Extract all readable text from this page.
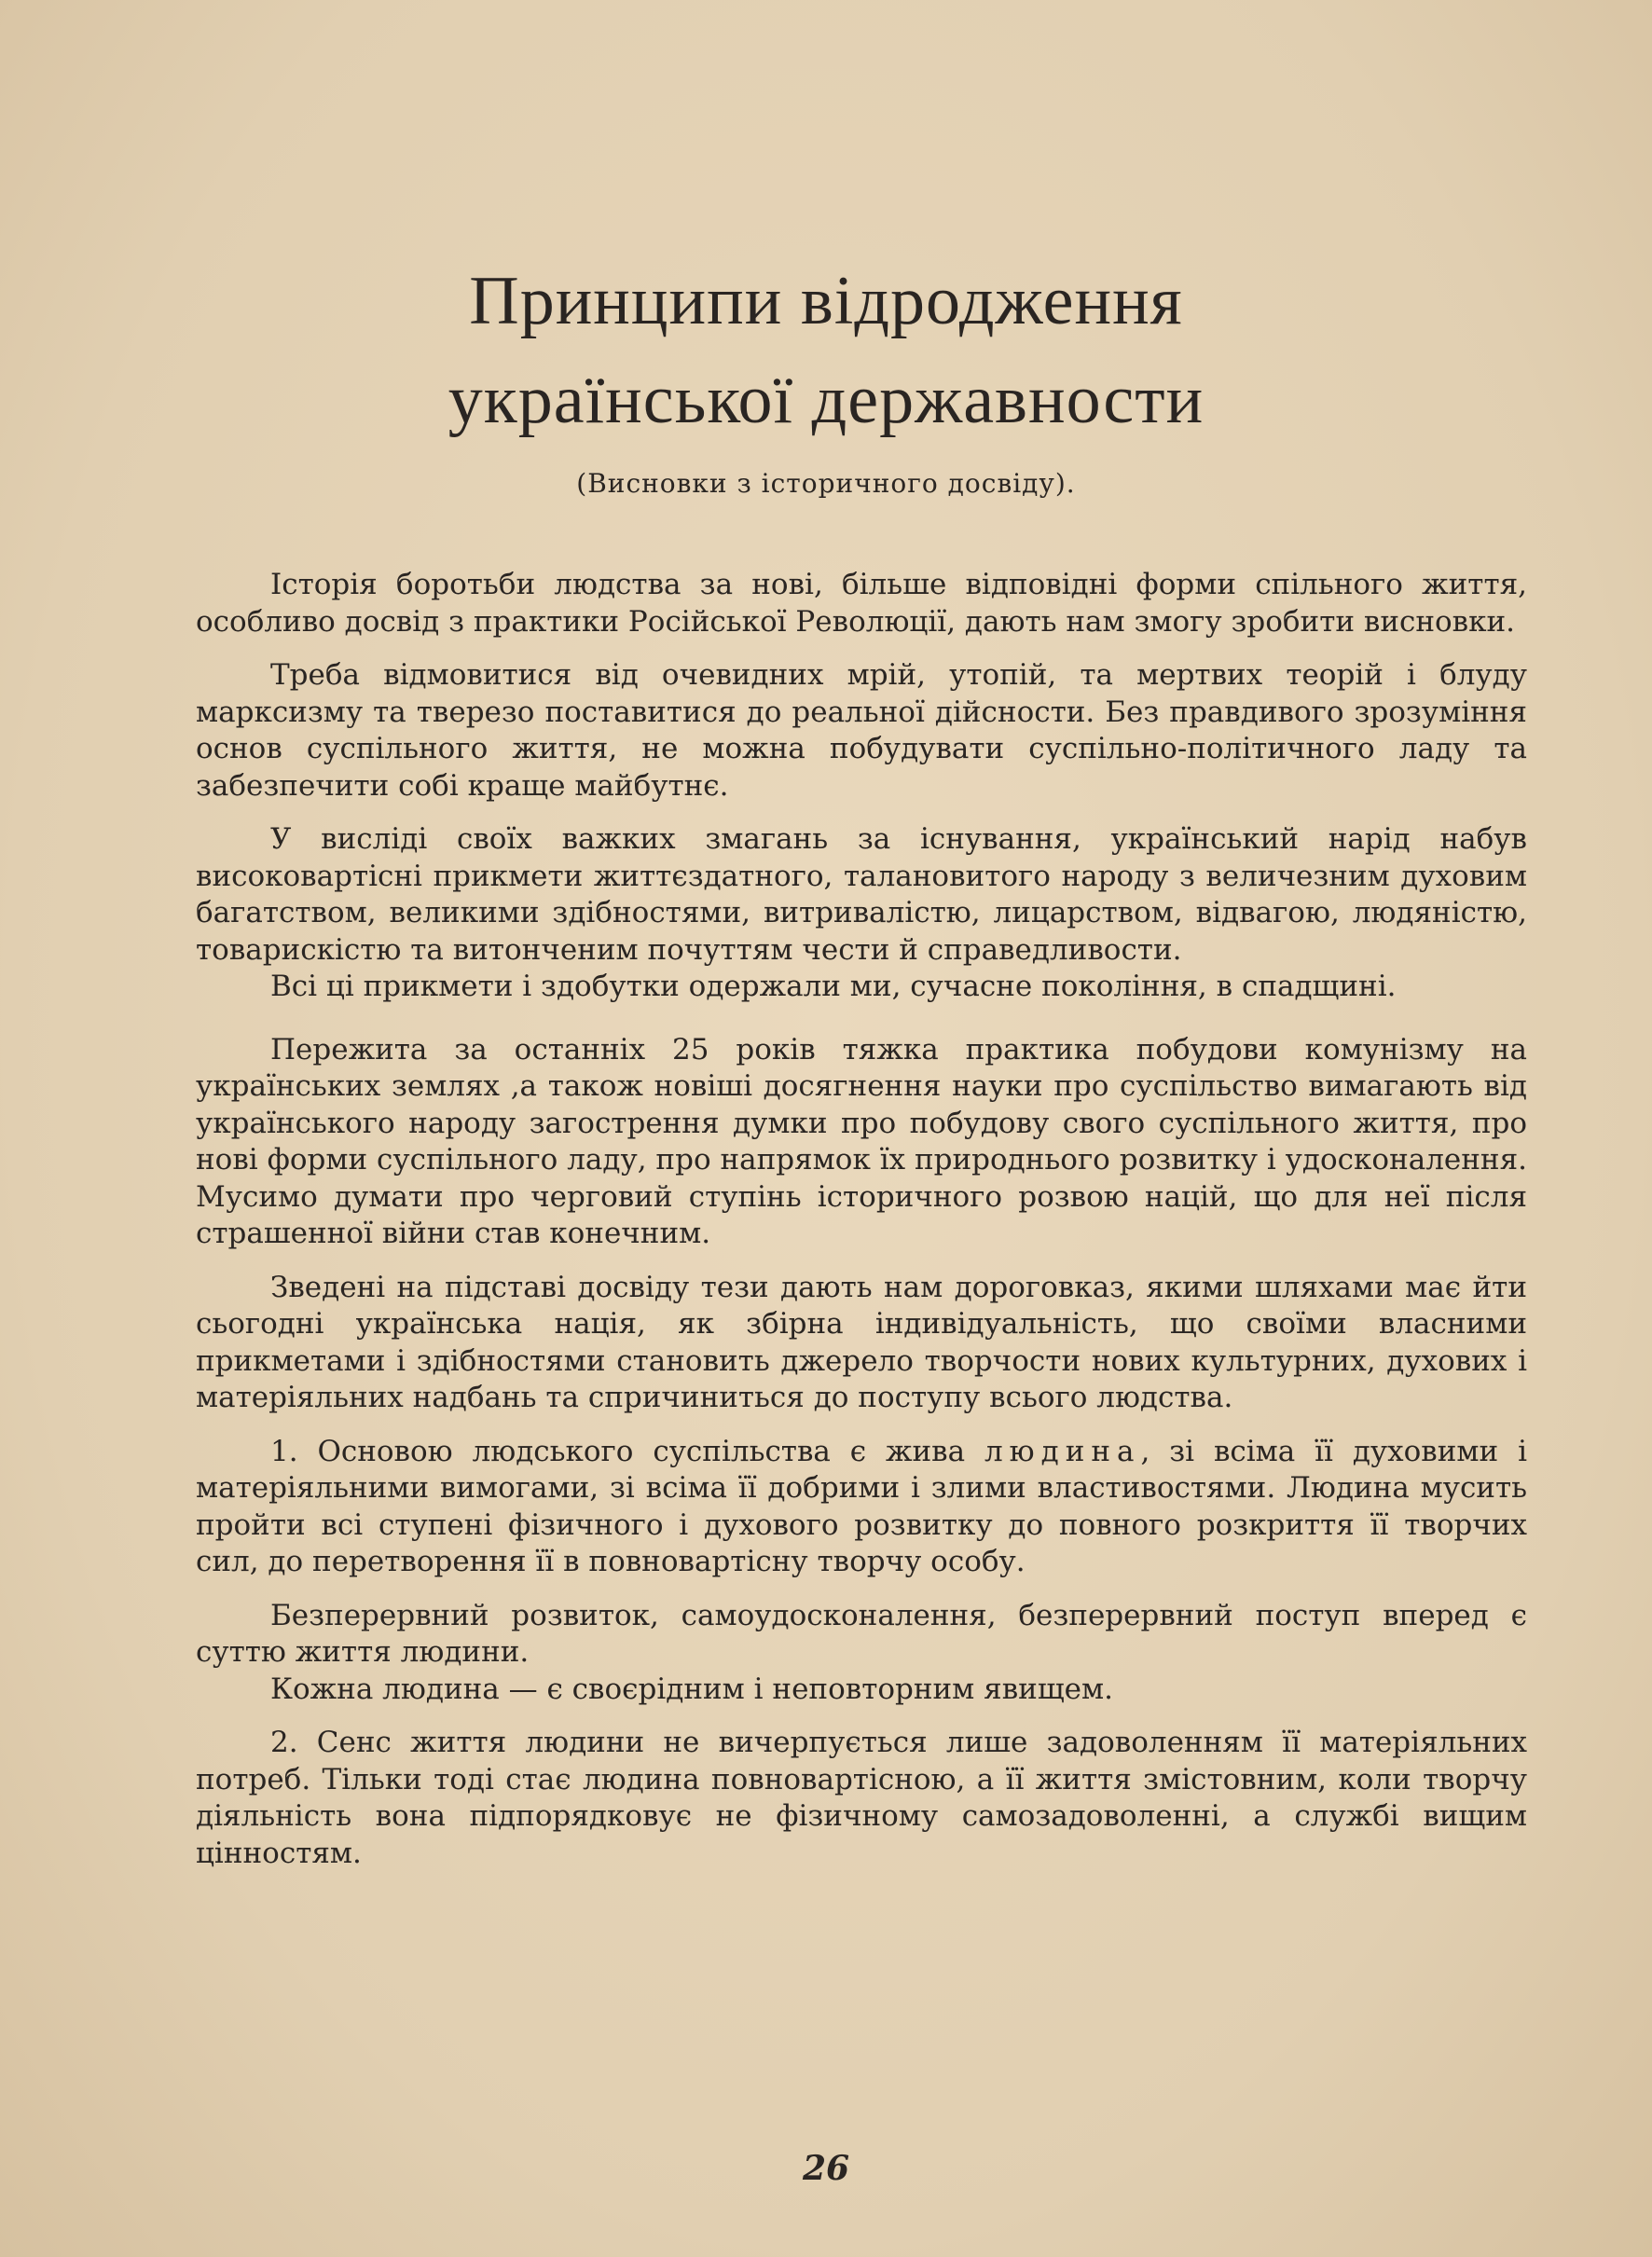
Принципи відродження
української державности
(Висновки з історичного досвіду).

Історія боротьби людства за нові, більше відповідні форми спільного життя, особливо досвід з практики Російської Революції, дають нам змогу зробити висновки.

Треба відмовитися від очевидних мрій, утопій, та мертвих теорій і блуду марксизму та тверезо поставитися до реальної дійсности. Без правдивого зрозуміння основ суспільного життя, не можна побудувати суспільно-політичного ладу та забезпечити собі краще майбутнє.

У висліді своїх важких змагань за існування, український нарід набув високовартісні прикмети життєздатного, талановитого народу з величезним духовим багатством, великими здібностями, витривалістю, лицарством, відвагою, людяністю, товарискістю та витонченим почуттям чести й справедливости.

Всі ці прикмети і здобутки одержали ми, сучасне покоління, в спадщині.

Пережита за останніх 25 років тяжка практика побудови комунізму на українських землях ,а також новіші досягнення науки про суспільство вимагають від українського народу загострення думки про побудову свого суспільного життя, про нові форми суспільного ладу, про напрямок їх природнього розвитку і удосконалення. Мусимо думати про черговий ступінь історичного розвою націй, що для неї після страшенної війни став конечним.

Зведені на підставі досвіду тези дають нам дороговказ, якими шляхами має йти сьогодні українська нація, як збірна індивідуальність, що своїми власними прикметами і здібностями становить джерело творчости нових культурних, духових і матеріяльних надбань та спричиниться до поступу всього людства.

1. Основою людського суспільства є жива людина, зі всіма її духовими і матеріяльними вимогами, зі всіма її добрими і злими властивостями. Людина мусить пройти всі ступені фізичного і духового розвитку до повного розкриття її творчих сил, до перетворення її в повновартісну творчу особу.

Безперервний розвиток, самоудосконалення, безперервний поступ вперед є суттю життя людини.

Кожна людина — є своєрідним і неповторним явищем.

2. Сенс життя людини не вичерпується лише задоволенням її матеріяльних потреб. Тільки тоді стає людина повновартісною, а її життя змістовним, коли творчу діяльність вона підпорядковує не фізичному самозадоволенні, а службі вищим цінностям.

26
